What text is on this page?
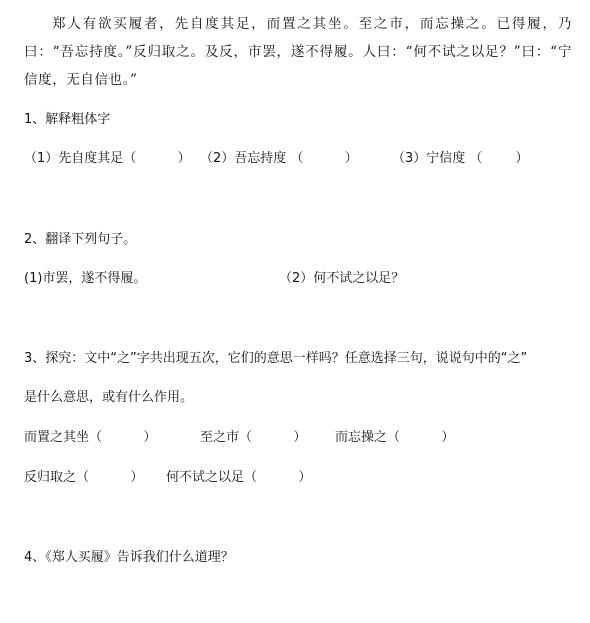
郑人有欲买履者，先自度其足，而置之其坐。至之市，而忘操之。已得履，乃曰：“吾忘持度。”反归取之。及反，市罢，遂不得履。人曰：“何不试之以足？”曰：“宁信度，无自信也。”

1、解释粗体字
（1）先自度其足（          ） （2）吾忘持度 （          ）	（3）宁信度 （        ）
2、翻译下列句子。
(1)市罢，遂不得履。	（2）何不试之以足？
3、探究：文中“之”字共出现五次，它们的意思一样吗？任意选择三句，说说句中的“之”
是什么意思，或有什么作用。
而置之其坐（          ）	至之市（          ） 而忘操之（          ）
反归取之（          ） 何不试之以足（          ）
4、《郑人买履》告诉我们什么道理？
